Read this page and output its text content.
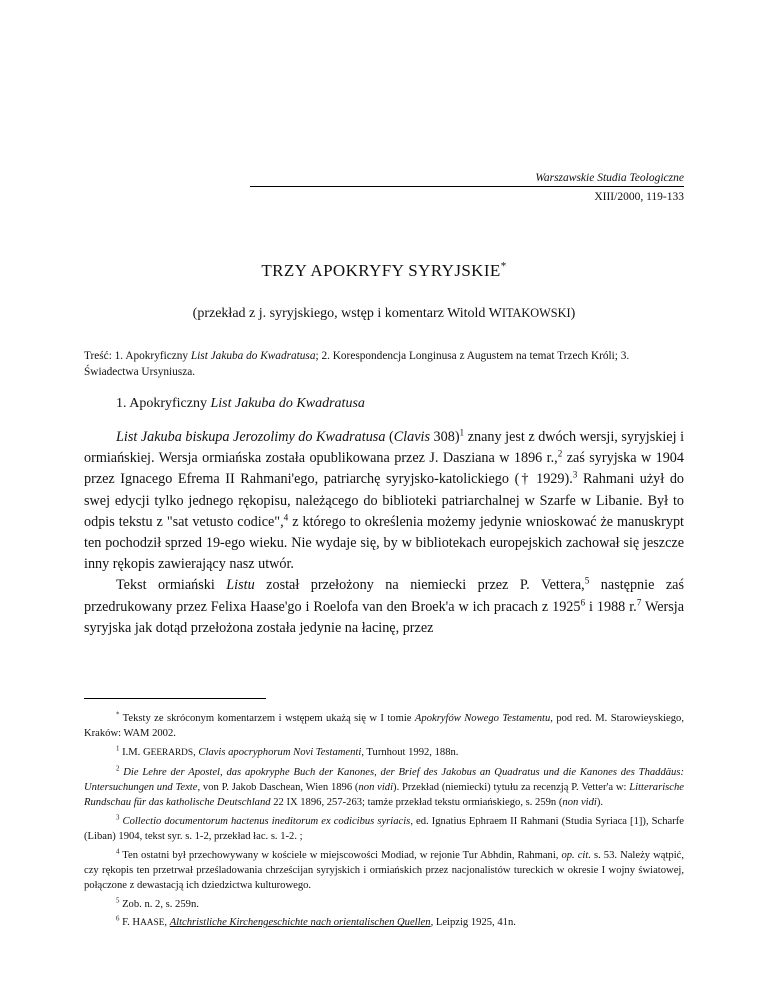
Warszawskie Studia Teologiczne
XIII/2000, 119-133
TRZY APOKRYFY SYRYJSKIE*
(przekład z j. syryjskiego, wstęp i komentarz Witold WITAKOWSKI)
Treść: 1. Apokryficzny List Jakuba do Kwadratusa; 2. Korespondencja Longinusa z Augustem na temat Trzech Króli; 3. Świadectwa Ursyniusza.
1. Apokryficzny List Jakuba do Kwadratusa

List Jakuba biskupa Jerozolimy do Kwadratusa (Clavis 308)$^1$ znany jest z dwóch wersji, syryjskiej i ormiańskiej. Wersja ormiańska została opublikowana przez J. Dasziana w 1896 r.,$^2$ zaś syryjska w 1904 przez Ignacego Efrema II Rahmani'ego, patriarchę syryjsko-katolickiego († 1929).$^3$ Rahmani użył do swej edycji tylko jednego rękopisu, należącego do biblioteki patriarchalnej w Szarfe w Libanie. Był to odpis tekstu z "sat vetusto codice",$^4$ z którego to określenia możemy jedynie wnioskować że manuskrypt ten pochodził sprzed 19-ego wieku. Nie wydaje się, by w bibliotekach europejskich zachował się jeszcze inny rękopis zawierający nasz utwór.

Tekst ormiański Listu został przełożony na niemiecki przez P. Vettera,$^5$ następnie zaś przedrukowany przez Felixa Haase'go i Roelofa van den Broek'a w ich pracach z 1925$^6$ i 1988 r.$^7$ Wersja syryjska jak dotąd przełożona została jedynie na łacinę, przez

* Teksty ze skróconym komentarzem i wstępem ukażą się w I tomie Apokryfów Nowego Testamentu, pod red. M. Starowieyskiego, Kraków: WAM 2002.

$^1$ I.M. GEERARDS, Clavis apocryphorum Novi Testamenti, Turnhout 1992, 188n.

$^2$ Die Lehre der Apostel, das apokryphe Buch der Kanones, der Brief des Jakobus an Quadratus und die Kanones des Thaddäus: Untersuchungen und Texte, von P. Jakob Daschean, Wien 1896 (non vidi). Przekład (niemiecki) tytułu za recenzją P. Vetter'a w: Litterarische Rundschau für das katholische Deutschland 22 IX 1896, 257-263; tamże przekład tekstu ormiańskiego, s. 259n (non vidi).

$^3$ Collectio documentorum hactenus ineditorum ex codicibus syriacis, ed. Ignatius Ephraem II Rahmani (Studia Syriaca [1]), Scharfe (Liban) 1904, tekst syr. s. 1-2, przekład łac. s. 1-2. ;

$^4$ Ten ostatni był przechowywany w kościele w miejscowości Modiad, w rejonie Tur Abhdin, Rahmani, op. cit. s. 53. Należy wątpić, czy rękopis ten przetrwał prześladowania chrześcijan syryjskich i ormiańskich przez nacjonalistów tureckich w okresie I wojny światowej, połączone z dewastacją ich dziedzictwa kulturowego.

$^5$ Zob. n. 2, s. 259n.

$^6$ F. HAASE, Altchristliche Kirchengeschichte nach orientalischen Quellen, Leipzig 1925, 41n.
